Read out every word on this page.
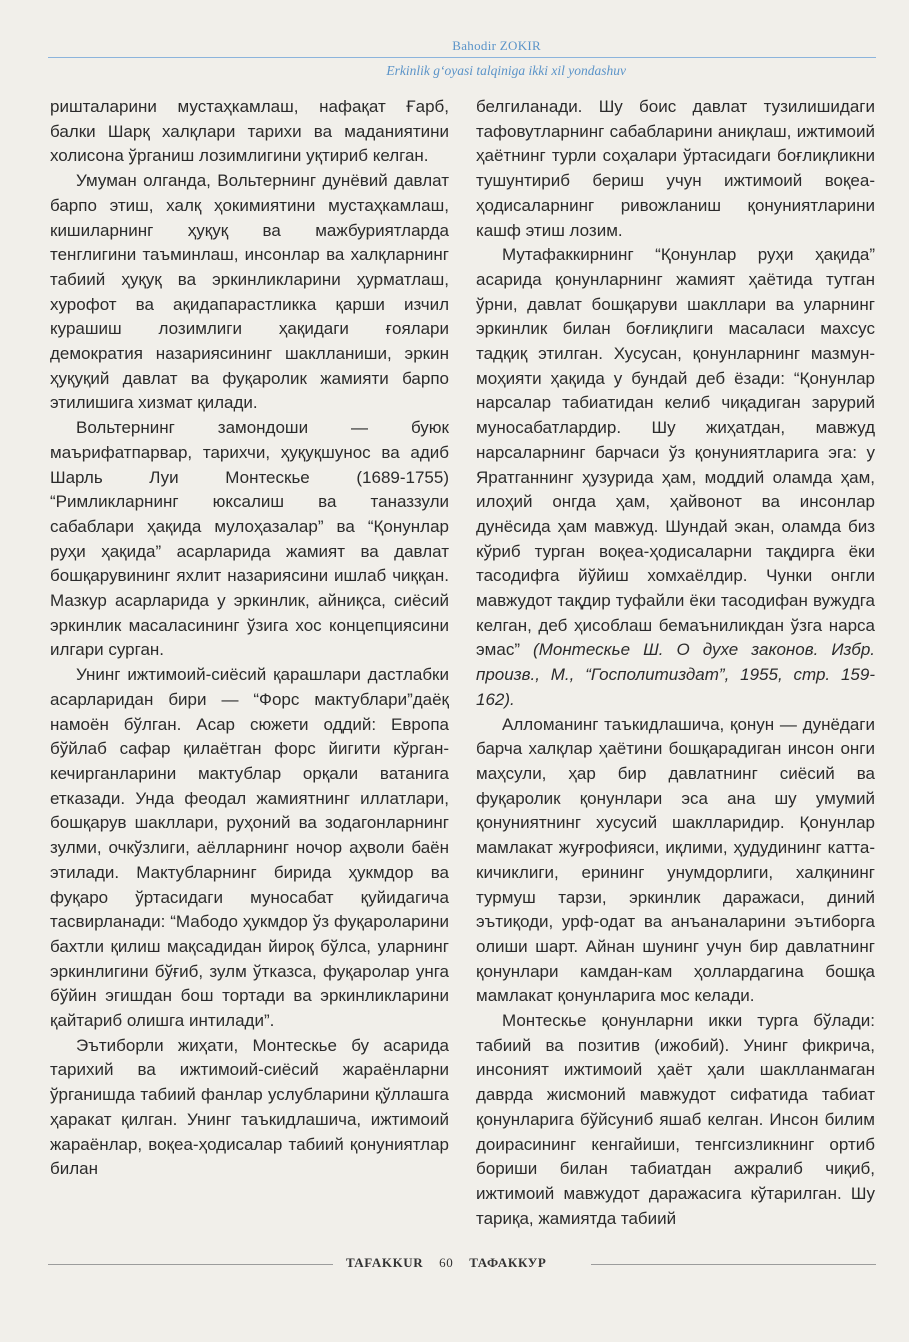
Bahodir ZOKIR
Erkinlik g‘oyasi talqiniga ikki xil yondashuv

ришталарини мустаҳкамлаш, нафақат Ғарб, балки Шарқ халқлари тарихи ва маданиятини холисона ўрганиш лозимлигини уқтириб келган.

Умуман олганда, Вольтернинг дунёвий давлат барпо этиш, халқ ҳокимиятини мустаҳкамлаш, кишиларнинг ҳуқуқ ва мажбуриятларда тенглигини таъминлаш, инсонлар ва халқларнинг табиий ҳуқуқ ва эркинликларини ҳурматлаш, хурофот ва ақидапарастликка қарши изчил курашиш лозимлиги ҳақидаги ғоялари демократия назариясининг шаклланиши, эркин ҳуқуқий давлат ва фуқаролик жамияти барпо этилишига хизмат қилади.

Вольтернинг замондоши — буюк маърифатпарвар, тарихчи, ҳуқуқшунос ва адиб Шарль Луи Монтескье (1689-1755) “Римликларнинг юксалиш ва таназзули сабаблари ҳақида мулоҳазалар” ва “Қонунлар руҳи ҳақида” асарларида жамият ва давлат бошқарувининг яхлит назариясини ишлаб чиққан. Мазкур асарларида у эркинлик, айниқса, сиёсий эркинлик масаласининг ўзига хос концепциясини илгари сурган.

Унинг ижтимоий-сиёсий қарашлари дастлабки асарларидан бири — “Форс мактублари”даёқ намоён бўлган. Асар сюжети оддий: Европа бўйлаб сафар қилаётган форс йигити кўрган-кечирганларини мактублар орқали ватанига етказади. Унда феодал жамиятнинг иллатлари, бошқарув шакллари, руҳоний ва зодагонларнинг зулми, очкўзлиги, аёлларнинг ночор аҳволи баён этилади. Мактубларнинг бирида ҳукмдор ва фуқаро ўртасидаги муносабат қуйидагича тасвирланади: “Мабодо ҳукмдор ўз фуқароларини бахтли қилиш мақсадидан йироқ бўлса, уларнинг эркинлигини бўғиб, зулм ўтказса, фуқаролар унга бўйин эгишдан бош тортади ва эркинликларини қайтариб олишга интилади”.

Эътиборли жиҳати, Монтескье бу асарида тарихий ва ижтимоий-сиёсий жараёнларни ўрганишда табиий фанлар услубларини қўллашга ҳаракат қилган. Унинг таъкидлашича, ижтимоий жараёнлар, воқеа-ҳодисалар табиий қонуниятлар билан

белгиланади. Шу боис давлат тузилишидаги тафовутларнинг сабабларини аниқлаш, ижтимоий ҳаётнинг турли соҳалари ўртасидаги боғлиқликни тушунтириб бериш учун ижтимоий воқеа-ҳодисаларнинг ривожланиш қонуниятларини кашф этиш лозим.

Мутафаккирнинг “Қонунлар руҳи ҳақида” асарида қонунларнинг жамият ҳаётида тутган ўрни, давлат бошқаруви шакллари ва уларнинг эркинлик билан боғлиқлиги масаласи махсус тадқиқ этилган. Хусусан, қонунларнинг мазмун-моҳияти ҳақида у бундай деб ёзади: “Қонунлар нарсалар табиатидан келиб чиқадиган зарурий муносабатлардир. Шу жиҳатдан, мавжуд нарсаларнинг барчаси ўз қонуниятларига эга: у Яратганнинг ҳузурида ҳам, моддий оламда ҳам, илоҳий онгда ҳам, ҳайвонот ва инсонлар дунёсида ҳам мавжуд. Шундай экан, оламда биз кўриб турган воқеа-ҳодисаларни тақдирга ёки тасодифга йўйиш хомхаёлдир. Чунки онгли мавжудот тақдир туфайли ёки тасодифан вужудга келган, деб ҳисоблаш бемаъниликдан ўзга нарса эмас” (Монтескье Ш. О духе законов. Избр. произв., М., “Госполитиздат”, 1955, стр. 159-162).

Алломанинг таъкидлашича, қонун — дунёдаги барча халқлар ҳаётини бошқарадиган инсон онги маҳсули, ҳар бир давлатнинг сиёсий ва фуқаролик қонунлари эса ана шу умумий қонуниятнинг хусусий шаклларидир. Қонунлар мамлакат жуғрофияси, иқлими, ҳудудининг катта-кичиклиги, ерининг унумдорлиги, халқининг турмуш тарзи, эркинлик даражаси, диний эътиқоди, урф-одат ва анъаналарини эътиборга олиши шарт. Айнан шунинг учун бир давлатнинг қонунлари камдан-кам ҳоллардагина бошқа мамлакат қонунларига мос келади.

Монтескье қонунларни икки турга бўлади: табиий ва позитив (ижобий). Унинг фикрича, инсоният ижтимоий ҳаёт ҳали шаклланмаган даврда жисмоний мавжудот сифатида табиат қонунларига бўйсуниб яшаб келган. Инсон билим доирасининг кенгайиши, тенгсизликнинг ортиб бориши билан табиатдан ажралиб чиқиб, ижтимоий мавжудот даражасига кўтарилган. Шу тариқа, жамиятда табиий

TAFAKKUR 60 ТАФАККУР
